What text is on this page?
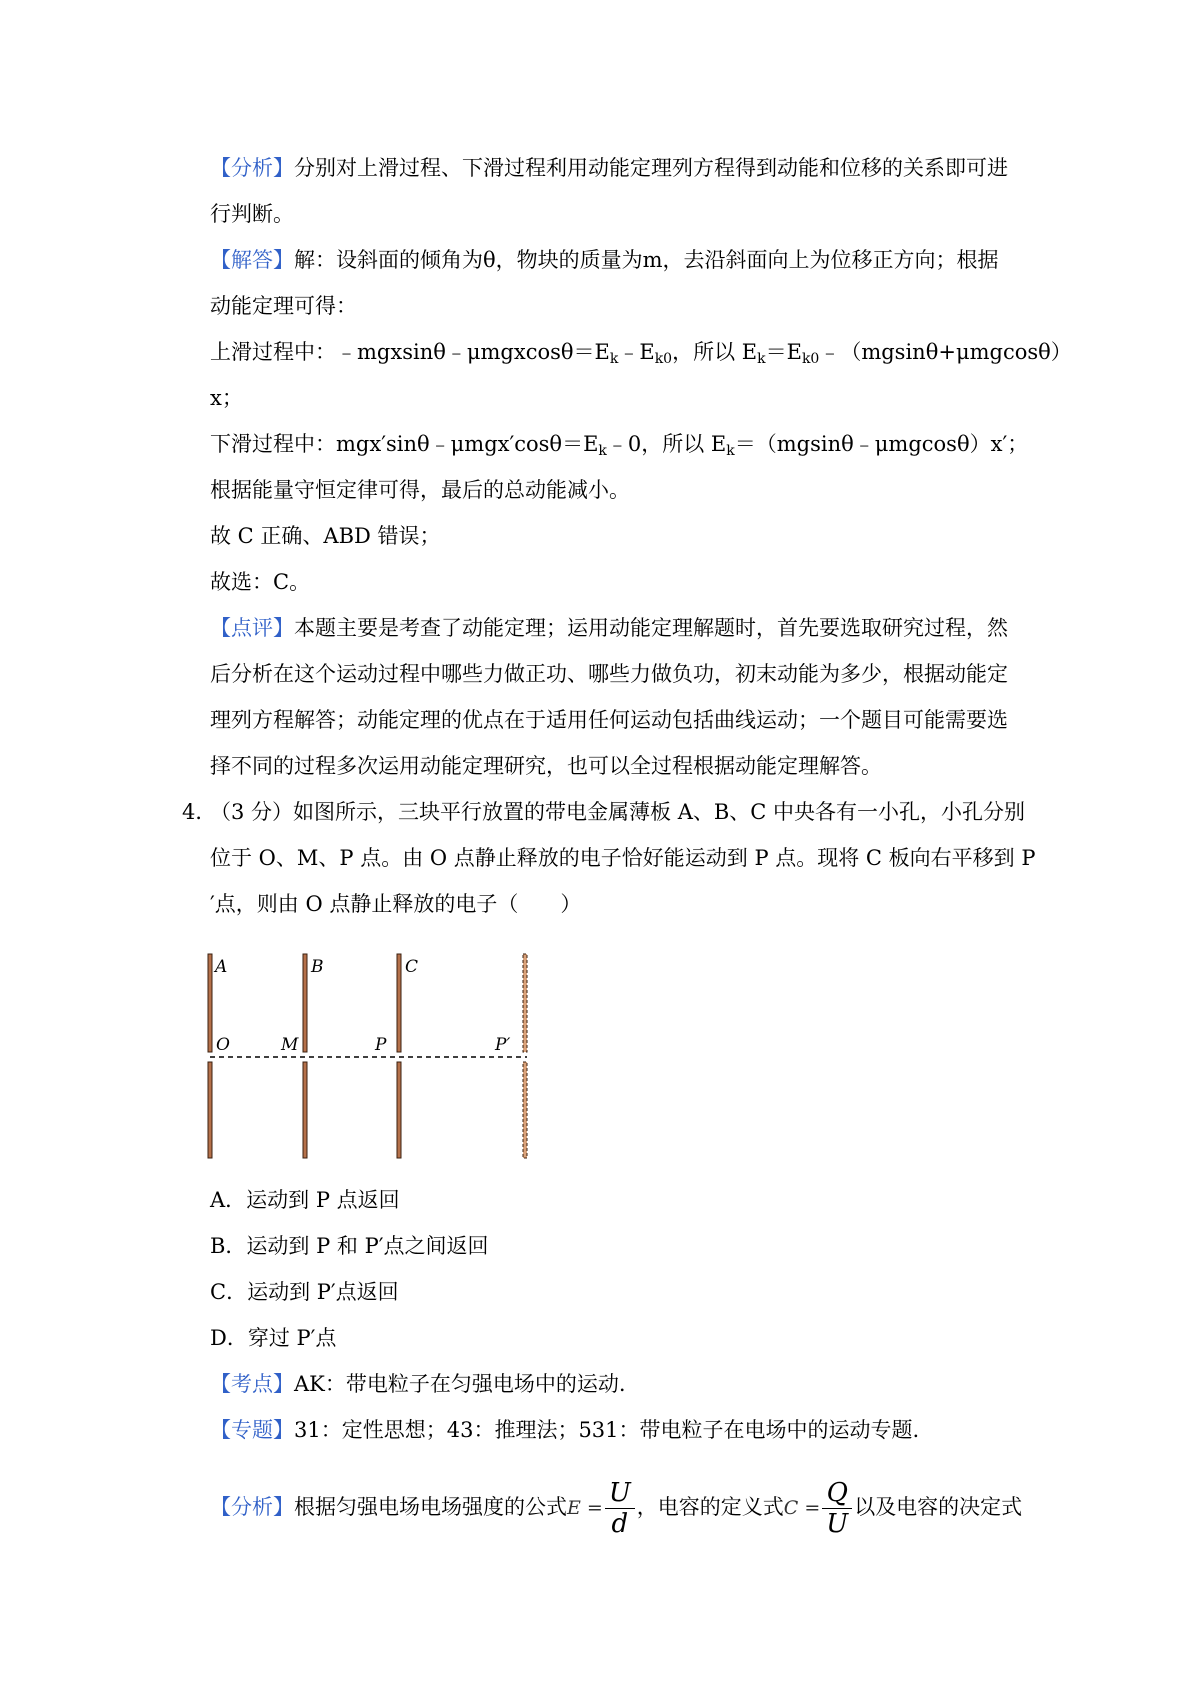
【分析】分别对上滑过程、下滑过程利用动能定理列方程得到动能和位移的关系即可进
行判断。
【解答】解：设斜面的倾角为θ，物块的质量为m，去沿斜面向上为位移正方向；根据
动能定理可得：
上滑过程中：$﹣mgxsin\theta﹣\mu mgxcos\theta=E_k﹣E_{k0}$，所以 $E_k=E_{k0}﹣(mgsin\theta+\mu mgcos\theta)$
x；
下滑过程中：$mgx'\sin\theta﹣\mu mgx'\cos\theta=E_k﹣0$，所以 $E_k=(mgsin\theta﹣\mu mgcos\theta)x'$；
根据能量守恒定律可得，最后的总动能减小。
故 C 正确、ABD 错误；
故选：C。
【点评】本题主要是考查了动能定理；运用动能定理解题时，首先要选取研究过程，然
后分析在这个运动过程中哪些力做正功、哪些力做负功，初末动能为多少，根据动能定
理列方程解答；动能定理的优点在于适用任何运动包括曲线运动；一个题目可能需要选
择不同的过程多次运用动能定理研究，也可以全过程根据动能定理解答。
4．
（3 分）如图所示，三块平行放置的带电金属薄板 A、B、C 中央各有一小孔，小孔分别
位于 O、M、P 点。由 O 点静止释放的电子恰好能运动到 P 点。现将 C 板向右平移到 P
′点，则由 O 点静止释放的电子（　　）
A	B	C
O	M	P	P′
A．运动到 P 点返回
B．运动到 P 和 P′点之间返回
C．运动到 P′点返回
D．穿过 P′点
【考点】AK：带电粒子在匀强电场中的运动.
【专题】31：定性思想；43：推理法；531：带电粒子在电场中的运动专题.
【分析】根据匀强电场电场强度的公式$E = \frac{U}{d}$ ，电容的定义式$C = \frac{Q}{U}$ 以及电容的决定式
